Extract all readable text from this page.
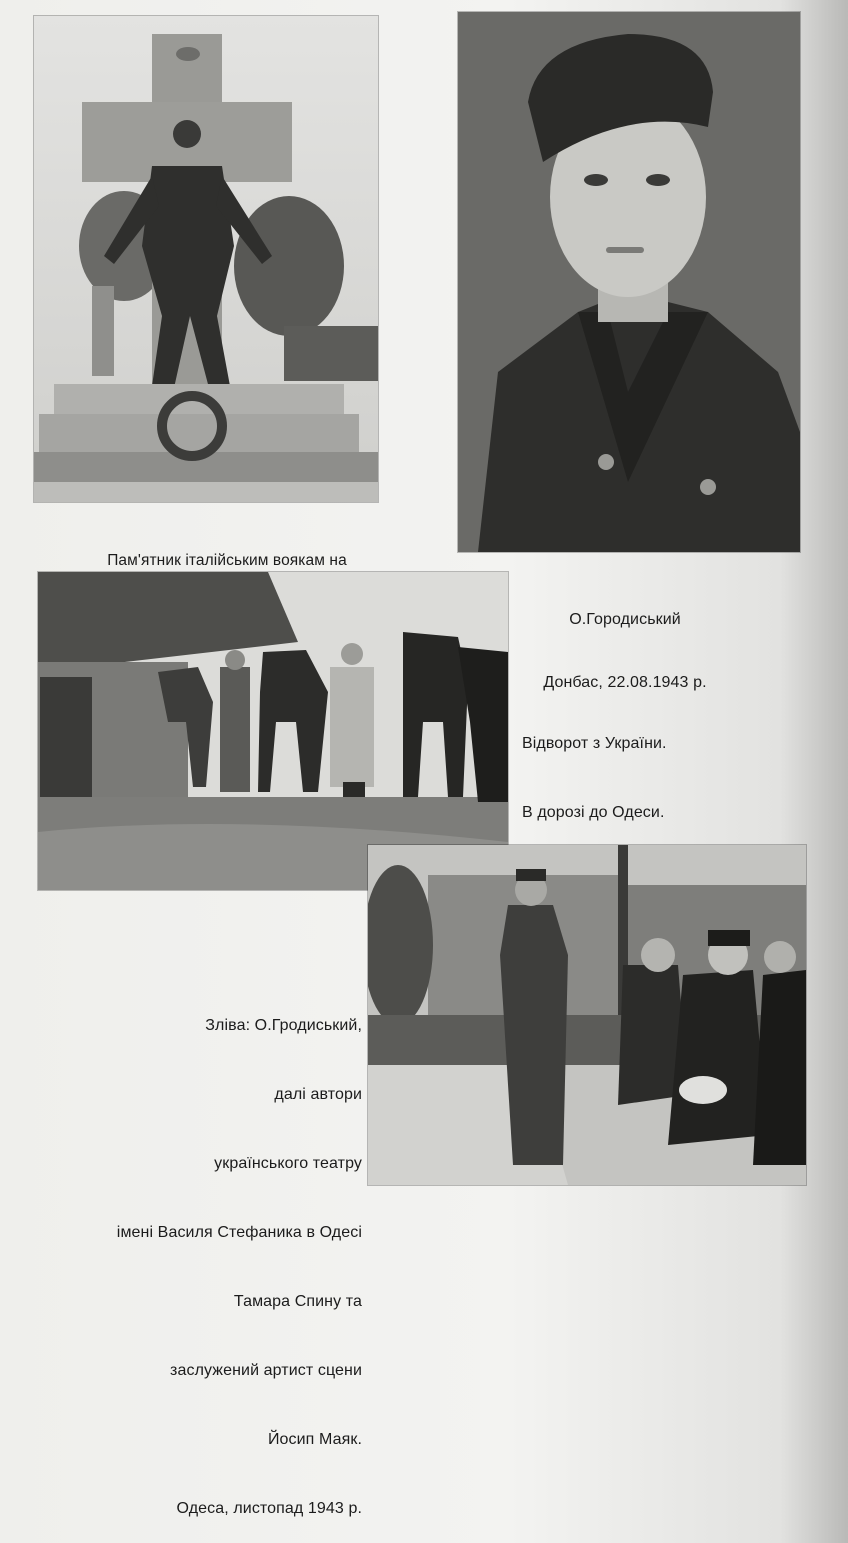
Пам'ятник італійським воякам на

О.Городиський

Донбас, 22.08.1943 р.

Відворот з України.

В дорозі до Одеси.

Зліва: О.Гродиський,

далі автори

українського театру

імені Василя Стефаника в Одесі

Тамара Спину та

заслужений артист сцени

Йосип Маяк.

Одеса, листопад 1943 р.
